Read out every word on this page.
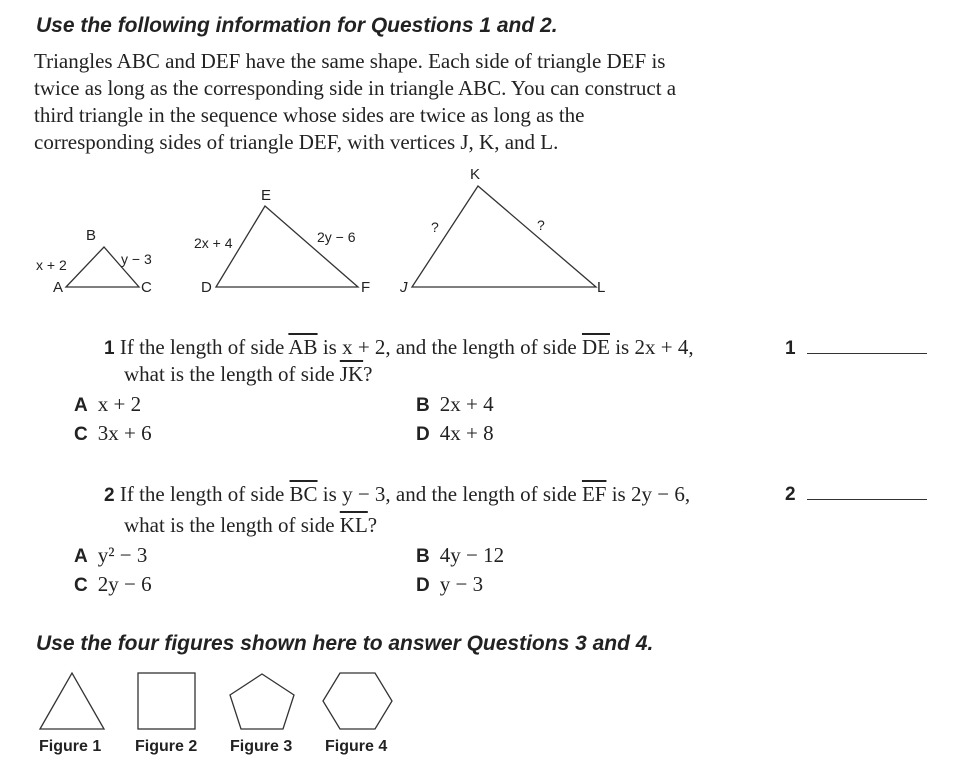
Use the following information for Questions 1 and 2.

Triangles ABC and DEF have the same shape. Each side of triangle DEF is

twice as long as the corresponding side in triangle ABC. You can construct a

third triangle in the sequence whose sides are twice as long as the

corresponding sides of triangle DEF, with vertices J, K, and L.

A
B
C
x + 2	y − 3
D
E
F
2x + 4	2y − 6
J
K
L
?	?
1 If the length of side $\overline{AB}$ is x + 2, and the length of side $\overline{DE}$ is 2x + 4,
what is the length of side $\overline{JK}$?
A x + 2	B 2x + 4
C 3x + 6	D 4x + 8
1
2 If the length of side $\overline{BC}$ is y − 3, and the length of side $\overline{EF}$ is 2y − 6,
what is the length of side $\overline{KL}$?
A y² − 3	B 4y − 12
C 2y − 6	D y − 3
2
Use the four figures shown here to answer Questions 3 and 4.
Figure 1 Figure 2 Figure 3 Figure 4
